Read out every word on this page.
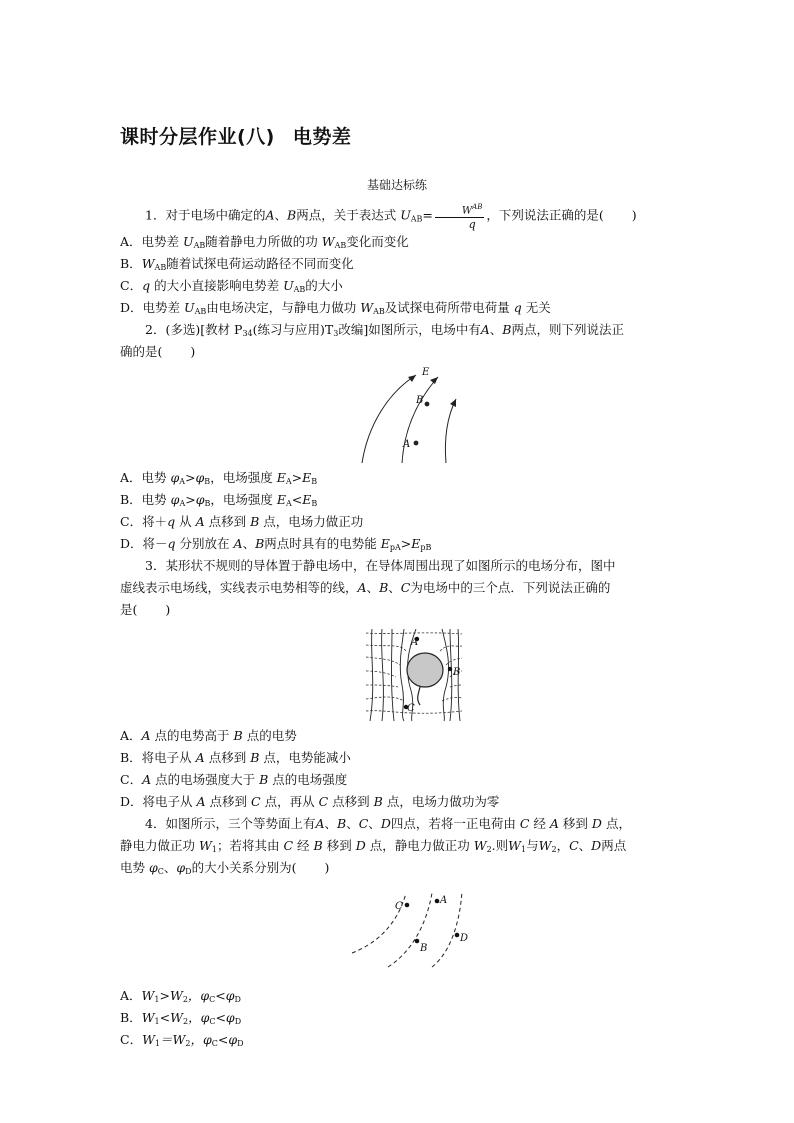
课时分层作业(八) 电势差
基础达标练

1．对于电场中确定的A、B两点，关于表达式 $U_{AB}= \frac{W^{AB}}{q}$ ，下列说法正确的是( )

A．电势差 $U_{AB}$随着静电力所做的功 $W_{AB}$变化而变化

B．$W_{AB}$随着试探电荷运动路径不同而变化

C．q 的大小直接影响电势差 $U_{AB}$的大小

D．电势差 $U_{AB}$由电场决定，与静电力做功 $W_{AB}$及试探电荷所带电荷量 q 无关

2．(多选)[教材 $P_{34}$(练习与应用)$T_3$改编]如图所示，电场中有A、B两点，则下列说法正

确的是( )

E
B
A

A．电势 $\varphi_A>\varphi_B$，电场强度 $E_A>E_B$

B．电势 $\varphi_A>\varphi_B$，电场强度 $E_A<E_B$

C．将＋q 从 A 点移到 B 点，电场力做正功

D．将－q 分别放在 A、B两点时具有的电势能 $E_{pA}>E_{pB}$

3．某形状不规则的导体置于静电场中，在导体周围出现了如图所示的电场分布，图中

虚线表示电场线，实线表示电势相等的线，A、B、C为电场中的三个点．下列说法正确的

是( )

A
B
C

A．A 点的电势高于 B 点的电势

B．将电子从 A 点移到 B 点，电势能减小

C．A 点的电场强度大于 B 点的电场强度

D．将电子从 A 点移到 C 点，再从 C 点移到 B 点，电场力做功为零

4．如图所示，三个等势面上有A、B、C、D四点，若将一正电荷由 C 经 A 移到 D 点，

静电力做正功 $W_1$；若将其由 C 经 B 移到 D 点，静电力做正功 $W_2$.则$W_1$与$W_2$，C、D两点

电势 $\varphi_C$、$\varphi_D$的大小关系分别为( )

C
A
B
D

A．$W_1>W_2$，$\varphi_C<\varphi_D$

B．$W_1<W_2$，$\varphi_C<\varphi_D$

C．$W_1=W_2$，$\varphi_C<\varphi_D$
